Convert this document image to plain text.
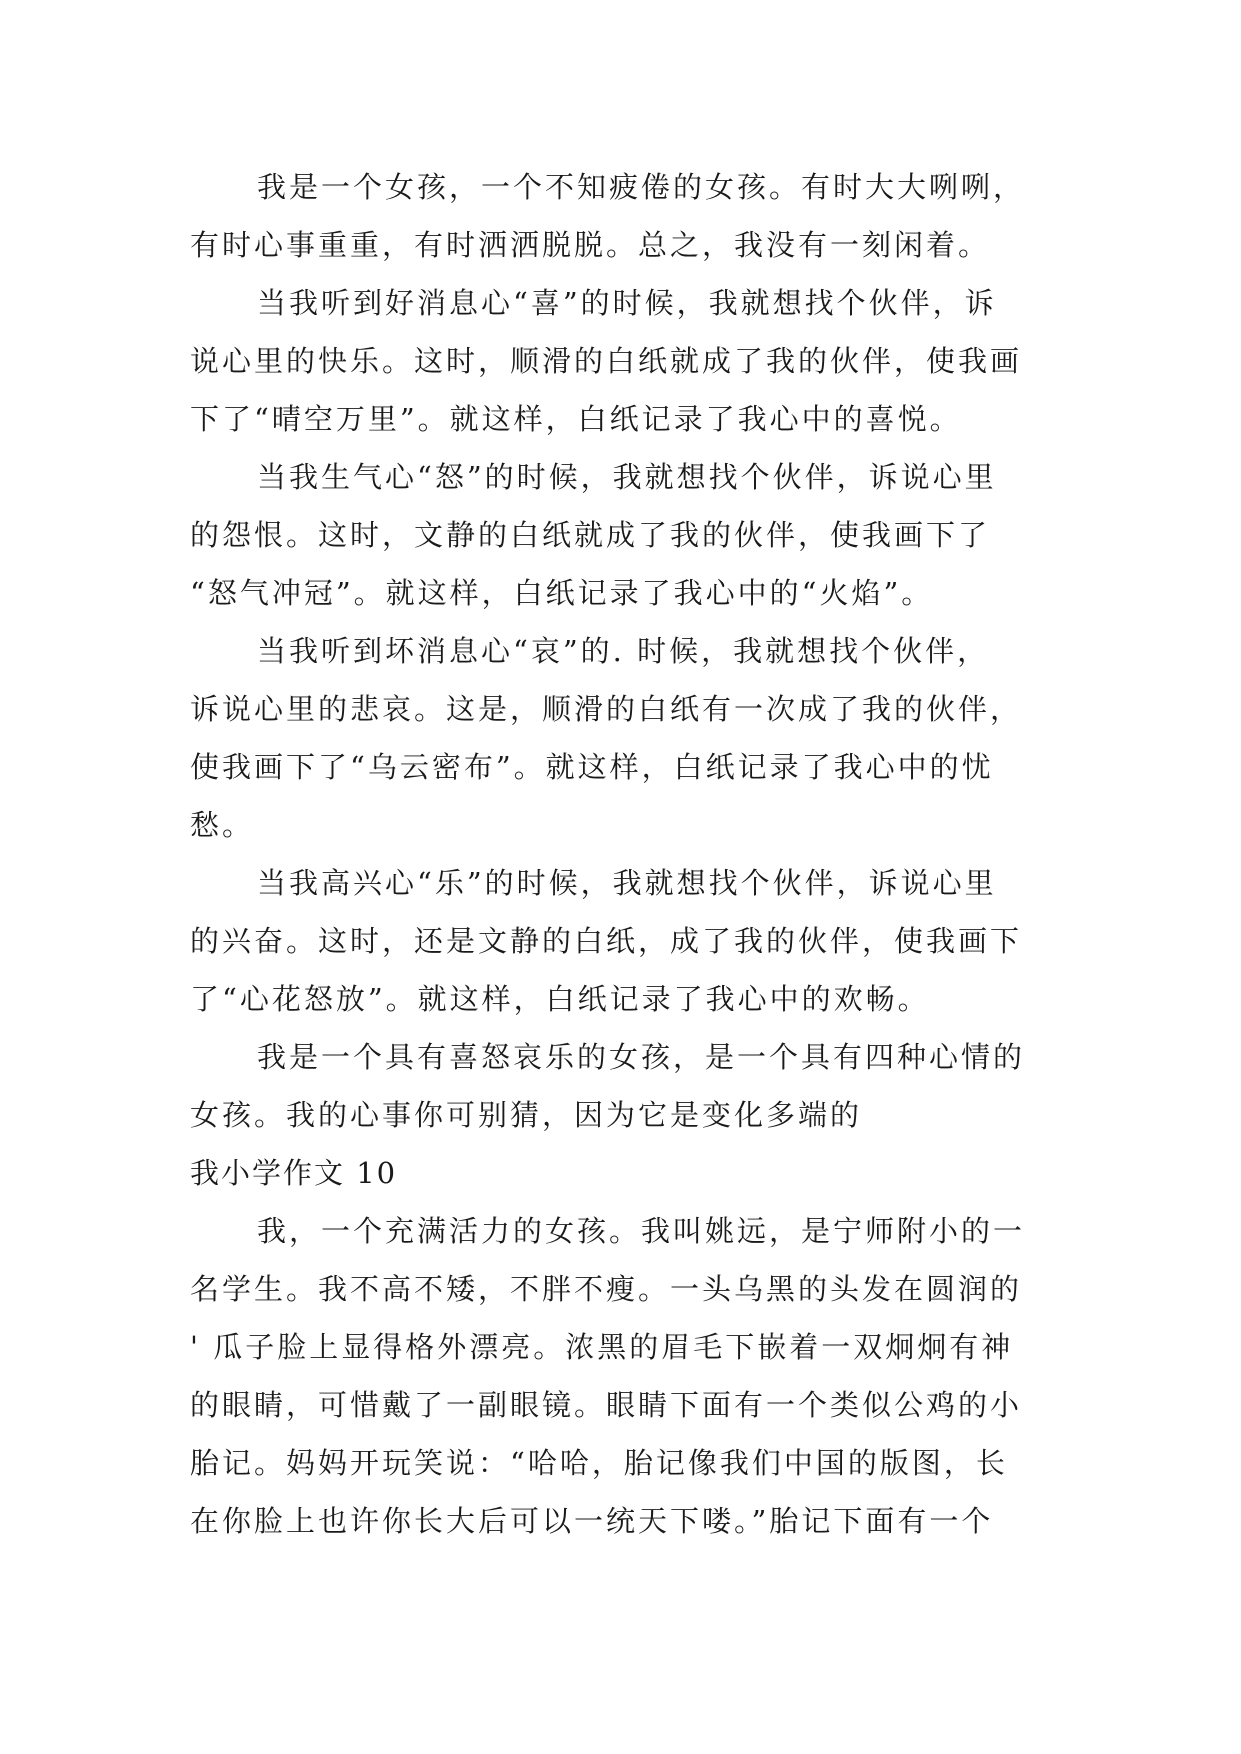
我是一个女孩，一个不知疲倦的女孩。有时大大咧咧，
有时心事重重，有时洒洒脱脱。总之，我没有一刻闲着。
当我听到好消息心“喜”的时候，我就想找个伙伴，诉
说心里的快乐。这时，顺滑的白纸就成了我的伙伴，使我画
下了“晴空万里”。就这样，白纸记录了我心中的喜悦。
当我生气心“怒”的时候，我就想找个伙伴，诉说心里
的怨恨。这时，文静的白纸就成了我的伙伴，使我画下了
“怒气冲冠”。就这样，白纸记录了我心中的“火焰”。
当我听到坏消息心“哀”的. 时候，我就想找个伙伴，
诉说心里的悲哀。这是，顺滑的白纸有一次成了我的伙伴，
使我画下了“乌云密布”。就这样，白纸记录了我心中的忧
愁。
当我高兴心“乐”的时候，我就想找个伙伴，诉说心里
的兴奋。这时，还是文静的白纸，成了我的伙伴，使我画下
了“心花怒放”。就这样，白纸记录了我心中的欢畅。
我是一个具有喜怒哀乐的女孩，是一个具有四种心情的
女孩。我的心事你可别猜，因为它是变化多端的
我小学作文 10
我，一个充满活力的女孩。我叫姚远，是宁师附小的一
名学生。我不高不矮，不胖不瘦。一头乌黑的头发在圆润的
' 瓜子脸上显得格外漂亮。浓黑的眉毛下嵌着一双炯炯有神
的眼睛，可惜戴了一副眼镜。眼睛下面有一个类似公鸡的小
胎记。妈妈开玩笑说：“哈哈，胎记像我们中国的版图，长
在你脸上也许你长大后可以一统天下喽。”胎记下面有一个
